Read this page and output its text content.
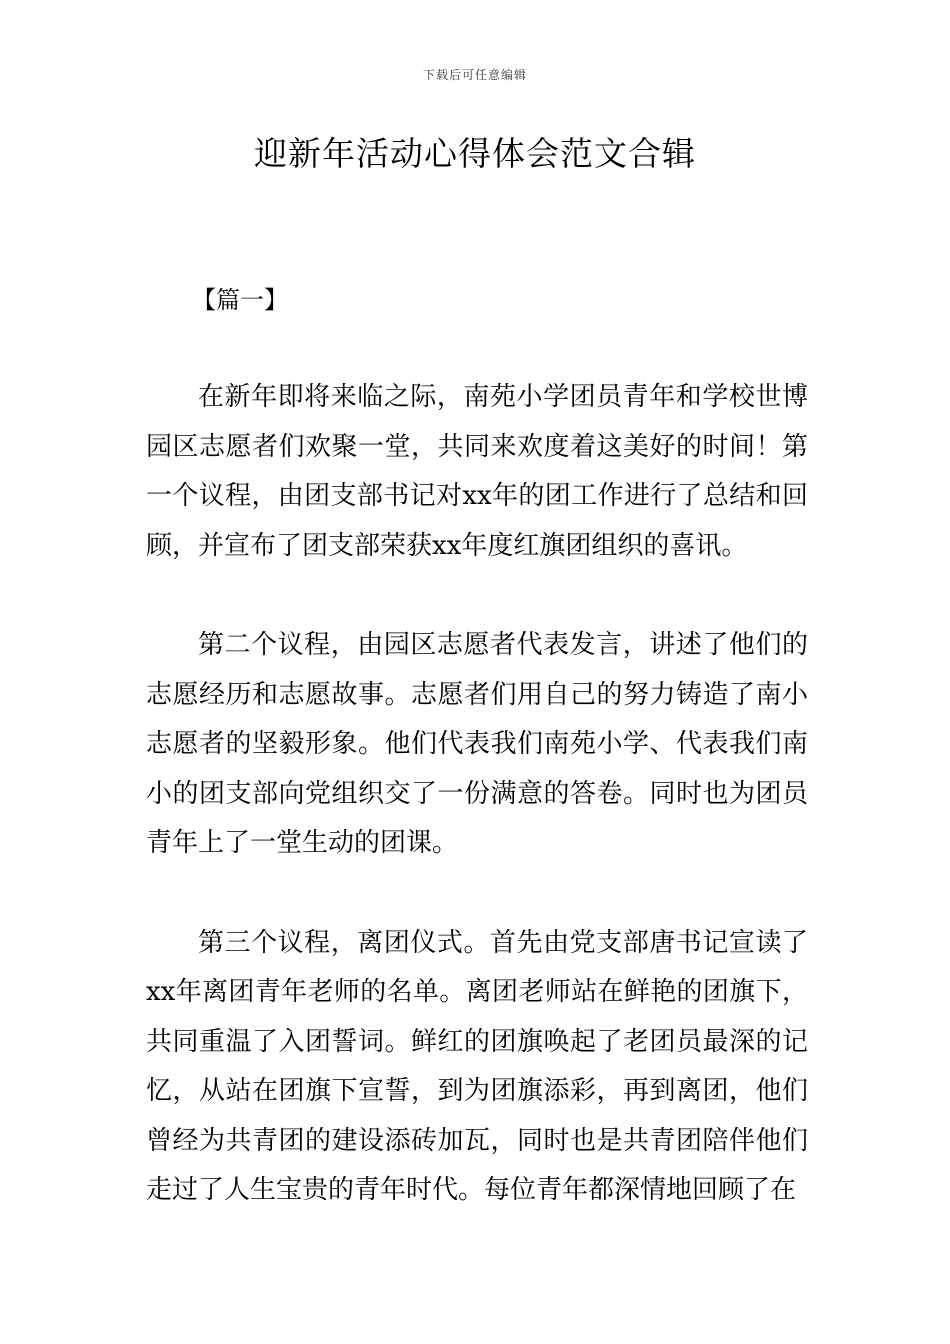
下载后可任意编辑
迎新年活动心得体会范文合辑
【篇一】

在新年即将来临之际，南苑小学团员青年和学校世博园区志愿者们欢聚一堂，共同来欢度着这美好的时间！第一个议程，由团支部书记对xx年的团工作进行了总结和回顾，并宣布了团支部荣获xx年度红旗团组织的喜讯。

第二个议程，由园区志愿者代表发言，讲述了他们的志愿经历和志愿故事。志愿者们用自己的努力铸造了南小志愿者的坚毅形象。他们代表我们南苑小学、代表我们南小的团支部向党组织交了一份满意的答卷。同时也为团员青年上了一堂生动的团课。

第三个议程，离团仪式。首先由党支部唐书记宣读了xx年离团青年老师的名单。离团老师站在鲜艳的团旗下，共同重温了入团誓词。鲜红的团旗唤起了老团员最深的记忆，从站在团旗下宣誓，到为团旗添彩，再到离团，他们曾经为共青团的建设添砖加瓦，同时也是共青团陪伴他们走过了人生宝贵的青年时代。每位青年都深情地回顾了在
